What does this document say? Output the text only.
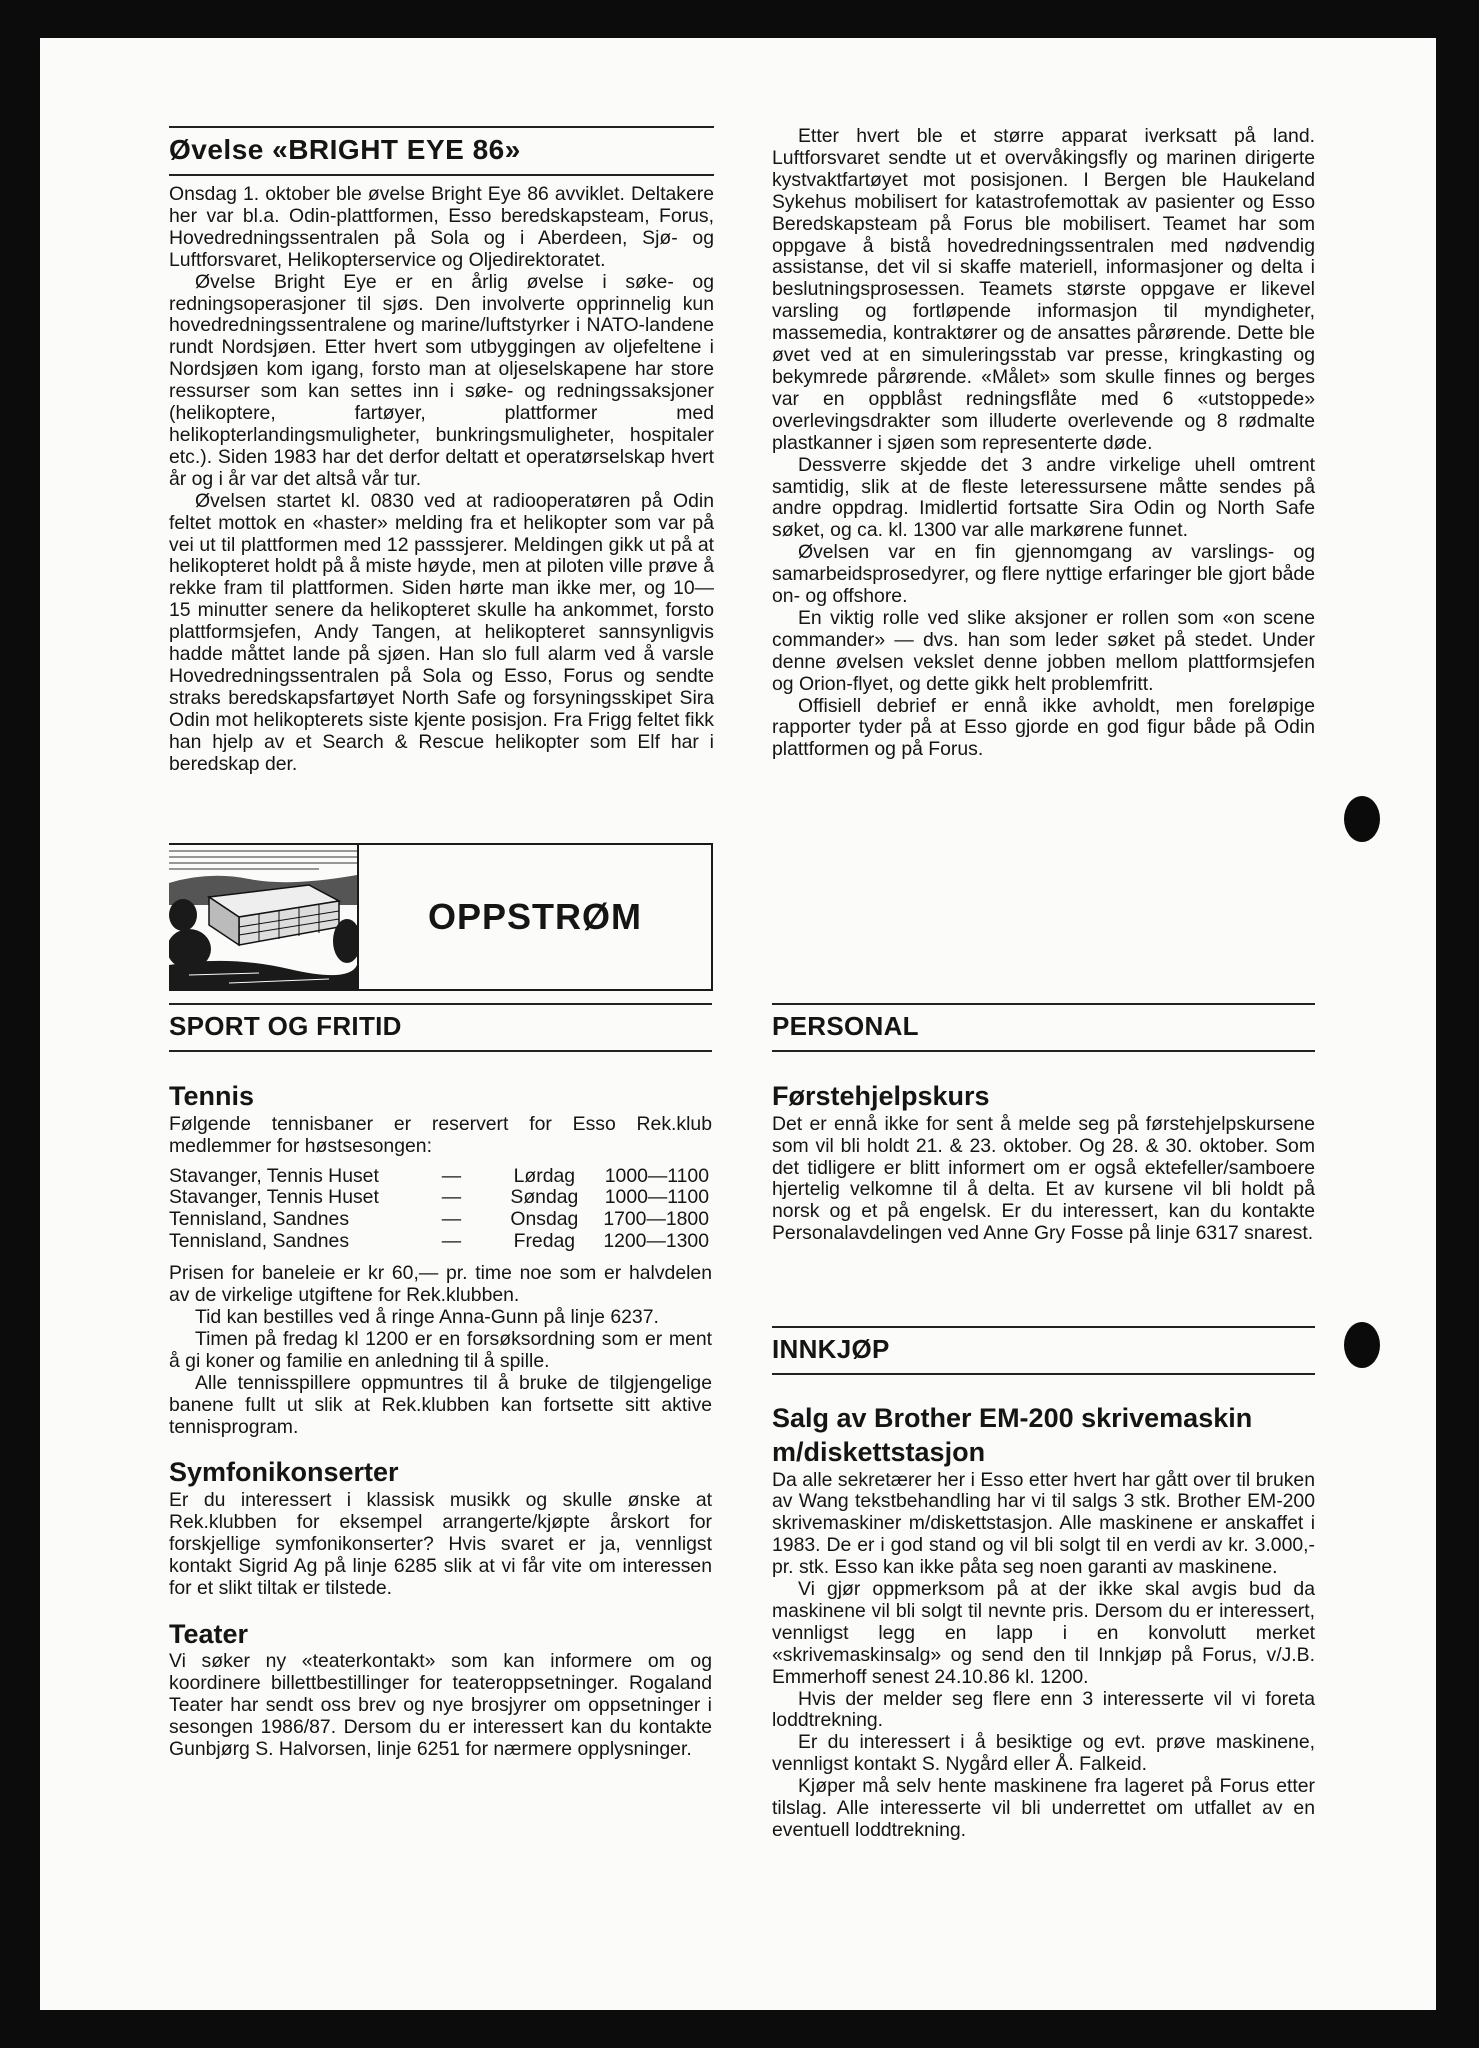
Øvelse «BRIGHT EYE 86»

Onsdag 1. oktober ble øvelse Bright Eye 86 avviklet. Deltakere her var bl.a. Odin-plattformen, Esso beredskapsteam, Forus, Hovedredningssentralen på Sola og i Aberdeen, Sjø- og Luftforsvaret, Helikopterservice og Oljedirektoratet.

Øvelse Bright Eye er en årlig øvelse i søke- og redningsoperasjoner til sjøs. Den involverte opprinnelig kun hovedredningssentralene og marine/luftstyrker i NATO-landene rundt Nordsjøen. Etter hvert som utbyggingen av oljefeltene i Nordsjøen kom igang, forsto man at oljeselskapene har store ressurser som kan settes inn i søke- og redningssaksjoner (helikoptere, fartøyer, plattformer med helikopterlandingsmuligheter, bunkringsmuligheter, hospitaler etc.). Siden 1983 har det derfor deltatt et operatørselskap hvert år og i år var det altså vår tur.

Øvelsen startet kl. 0830 ved at radiooperatøren på Odin feltet mottok en «haster» melding fra et helikopter som var på vei ut til plattformen med 12 passsjerer. Meldingen gikk ut på at helikopteret holdt på å miste høyde, men at piloten ville prøve å rekke fram til plattformen. Siden hørte man ikke mer, og 10—15 minutter senere da helikopteret skulle ha ankommet, forsto plattformsjefen, Andy Tangen, at helikopteret sannsynligvis hadde måttet lande på sjøen. Han slo full alarm ved å varsle Hovedredningssentralen på Sola og Esso, Forus og sendte straks beredskapsfartøyet North Safe og forsyningsskipet Sira Odin mot helikopterets siste kjente posisjon. Fra Frigg feltet fikk han hjelp av et Search & Rescue helikopter som Elf har i beredskap der.

Etter hvert ble et større apparat iverksatt på land. Luftforsvaret sendte ut et overvåkingsfly og marinen dirigerte kystvaktfartøyet mot posisjonen. I Bergen ble Haukeland Sykehus mobilisert for katastrofemottak av pasienter og Esso Beredskapsteam på Forus ble mobilisert. Teamet har som oppgave å bistå hovedredningssentralen med nødvendig assistanse, det vil si skaffe materiell, informasjoner og delta i beslutningsprosessen. Teamets største oppgave er likevel varsling og fortløpende informasjon til myndigheter, massemedia, kontraktører og de ansattes pårørende. Dette ble øvet ved at en simuleringsstab var presse, kringkasting og bekymrede pårørende. «Målet» som skulle finnes og berges var en oppblåst redningsflåte med 6 «utstoppede» overlevingsdrakter som illuderte overlevende og 8 rødmalte plastkanner i sjøen som representerte døde.

Dessverre skjedde det 3 andre virkelige uhell omtrent samtidig, slik at de fleste leteressursene måtte sendes på andre oppdrag. Imidlertid fortsatte Sira Odin og North Safe søket, og ca. kl. 1300 var alle markørene funnet.

Øvelsen var en fin gjennomgang av varslings- og samarbeidsprosedyrer, og flere nyttige erfaringer ble gjort både on- og offshore.

En viktig rolle ved slike aksjoner er rollen som «on scene commander» — dvs. han som leder søket på stedet. Under denne øvelsen vekslet denne jobben mellom plattformsjefen og Orion-flyet, og dette gikk helt problemfritt.

Offisiell debrief er ennå ikke avholdt, men foreløpige rapporter tyder på at Esso gjorde en god figur både på Odin plattformen og på Forus.

OPPSTRØM
SPORT OG FRITID
Tennis

Følgende tennisbaner er reservert for Esso Rek.klub medlemmer for høstsesongen:

Stavanger, Tennis Huset	—	Lørdag	1000—1100
Stavanger, Tennis Huset	—	Søndag	1000—1100
Tennisland, Sandnes	—	Onsdag	1700—1800
Tennisland, Sandnes	—	Fredag	1200—1300

Prisen for baneleie er kr 60,— pr. time noe som er halvdelen av de virkelige utgiftene for Rek.klubben.

Tid kan bestilles ved å ringe Anna-Gunn på linje 6237.

Timen på fredag kl 1200 er en forsøksordning som er ment å gi koner og familie en anledning til å spille.

Alle tennisspillere oppmuntres til å bruke de tilgjengelige banene fullt ut slik at Rek.klubben kan fortsette sitt aktive tennisprogram.

Symfonikonserter

Er du interessert i klassisk musikk og skulle ønske at Rek.klubben for eksempel arrangerte/kjøpte årskort for forskjellige symfonikonserter? Hvis svaret er ja, vennligst kontakt Sigrid Ag på linje 6285 slik at vi får vite om interessen for et slikt tiltak er tilstede.

Teater

Vi søker ny «teaterkontakt» som kan informere om og koordinere billettbestillinger for teateroppsetninger. Rogaland Teater har sendt oss brev og nye brosjyrer om oppsetninger i sesongen 1986/87. Dersom du er interessert kan du kontakte Gunbjørg S. Halvorsen, linje 6251 for nærmere opplysninger.

PERSONAL
Førstehjelpskurs

Det er ennå ikke for sent å melde seg på førstehjelpskursene som vil bli holdt 21. & 23. oktober. Og 28. & 30. oktober. Som det tidligere er blitt informert om er også ektefeller/samboere hjertelig velkomne til å delta. Et av kursene vil bli holdt på norsk og et på engelsk. Er du interessert, kan du kontakte Personalavdelingen ved Anne Gry Fosse på linje 6317 snarest.

INNKJØP
Salg av Brother EM-200 skrivemaskin m/diskettstasjon

Da alle sekretærer her i Esso etter hvert har gått over til bruken av Wang tekstbehandling har vi til salgs 3 stk. Brother EM-200 skrivemaskiner m/diskettstasjon. Alle maskinene er anskaffet i 1983. De er i god stand og vil bli solgt til en verdi av kr. 3.000,- pr. stk. Esso kan ikke påta seg noen garanti av maskinene.

Vi gjør oppmerksom på at der ikke skal avgis bud da maskinene vil bli solgt til nevnte pris. Dersom du er interessert, vennligst legg en lapp i en konvolutt merket «skrivemaskinsalg» og send den til Innkjøp på Forus, v/J.B. Emmerhoff senest 24.10.86 kl. 1200.

Hvis der melder seg flere enn 3 interesserte vil vi foreta loddtrekning.

Er du interessert i å besiktige og evt. prøve maskinene, vennligst kontakt S. Nygård eller Å. Falkeid.

Kjøper må selv hente maskinene fra lageret på Forus etter tilslag. Alle interesserte vil bli underrettet om utfallet av en eventuell loddtrekning.
